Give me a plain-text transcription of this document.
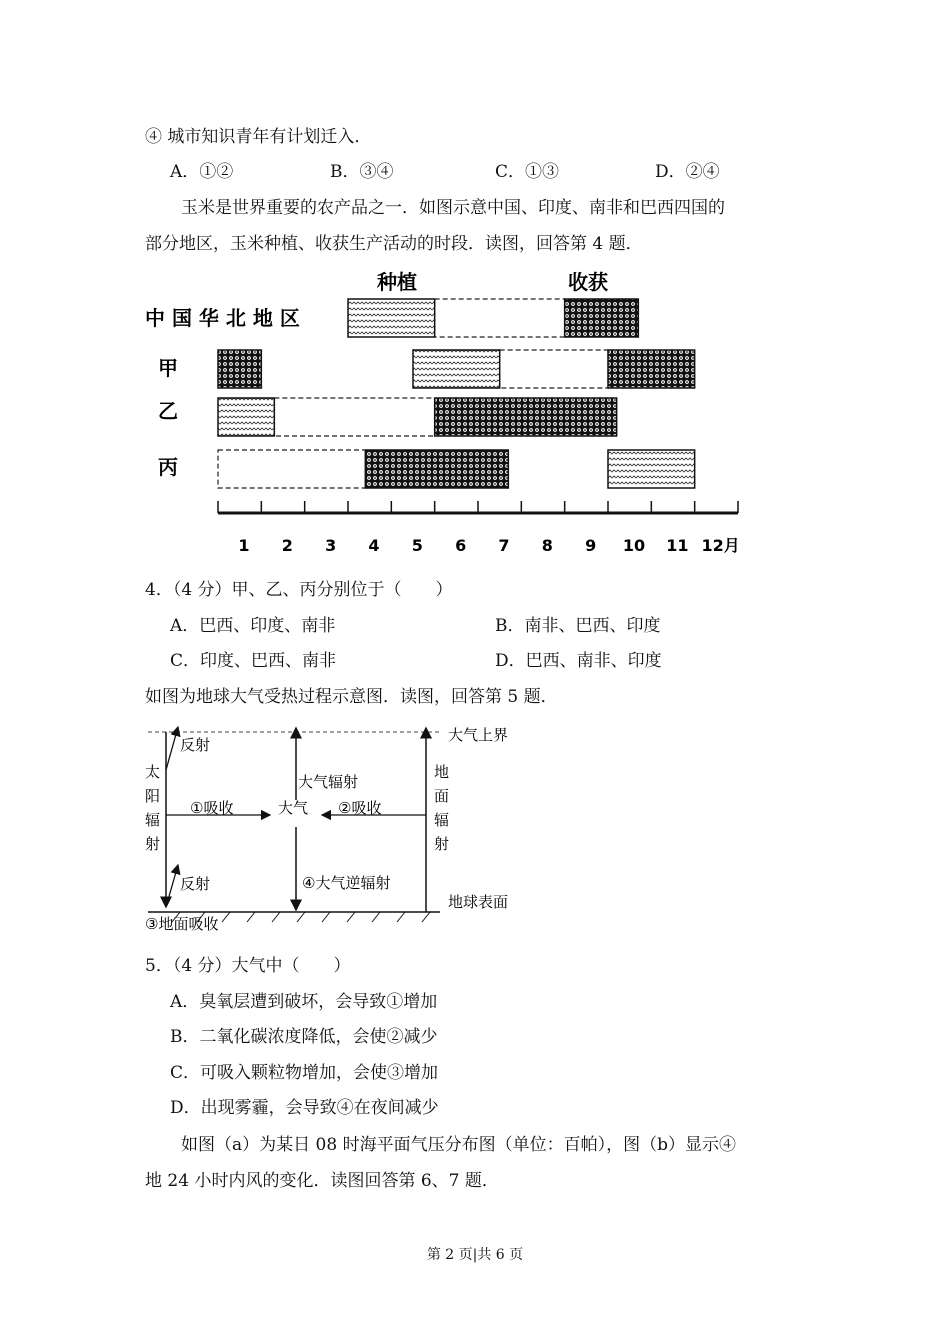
④ 城市知识青年有计划迁入．
A．①②	B．③④	C．①③	D．②④
玉米是世界重要的农产品之一．如图示意中国、印度、南非和巴西四国的
部分地区，玉米种植、收获生产活动的时段．读图，回答第 4 题．
种植	收获
中 国 华 北 地 区
甲
乙
丙
1 2 3 4 5 6 7 8 9 10 11 12月
4．（4 分）甲、乙、丙分别位于（　　）
A．巴西、印度、南非	B．南非、巴西、印度
C．印度、巴西、南非	D．巴西、南非、印度
如图为地球大气受热过程示意图．读图，回答第 5 题．
大气上界
地球表面
太
阳
辐
射
反射
反射
①吸收	大气
大气辐射
④大气逆辐射
地
面
辐
射
②吸收
③地面吸收
5．（4 分）大气中（　　）
A．臭氧层遭到破坏，会导致①增加
B．二氧化碳浓度降低，会使②减少
C．可吸入颗粒物增加，会使③增加
D．出现雾霾，会导致④在夜间减少
如图（a）为某日 08 时海平面气压分布图（单位：百帕），图（b）显示④
地 24 小时内风的变化．读图回答第 6、7 题．
第 2 页|共 6 页
